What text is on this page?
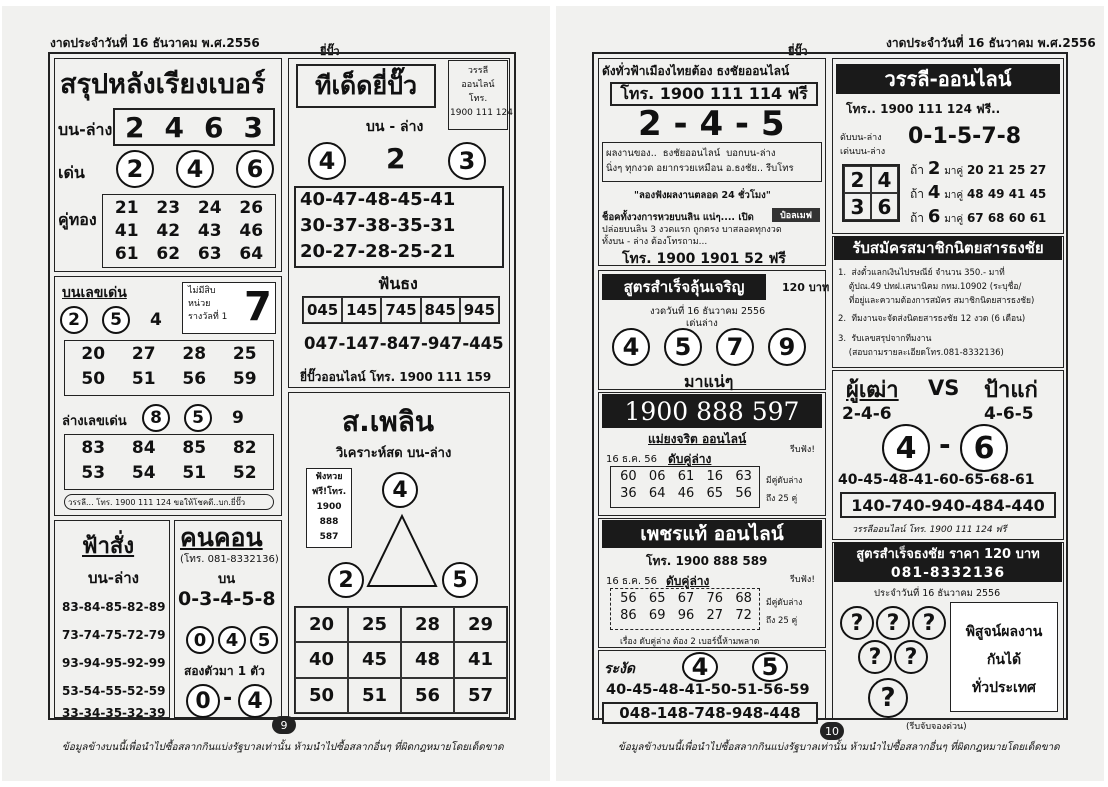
งาดประจำวันที่ 16 ธันวาคม พ.ศ.2556
ยี่ปั๊ว
สรุปหลังเรียงเบอร์
บน-ล่าง 2 4 6 3
เด่น	2	4	6
คู่ทอง
21	23	24	26
41	42	43	46
61	62	63	64
บนเลขเด่น
2	5	4
ไม่มีสิบ
หน่วย
รางวัลที่ 1 7
20	27	28	25
50	51	56	59
ล่างเลขเด่น	8	5	9
83	84	85	82
53	54	51	52
วรรลี... โทร. 1900 111 124 ขอให้โชคดี..บก.ยี่ปั๊ว
ฟ้าสั่ง
บน-ล่าง
83-84-85-82-89
73-74-75-72-79
93-94-95-92-99
53-54-55-52-59
33-34-35-32-39
คนคอน
(โทร. 081-8332136)
บน
0-3-4-5-8
0	4	5
สองตัวมา 1 ตัว
0 - 4
ทีเด็ดยี่ปั๊ว	วรรลี
ออนไลน์
โทร.
1900 111 124
บน - ล่าง
4	2	3
40-47-48-45-41
30-37-38-35-31
20-27-28-25-21
ฟันธง
045 145 745 845 945
047-147-847-947-445
ยี่ปั๊วออนไลน์ โทร. 1900 111 159
ส.เพลิน
วิเคราะห์สด บน-ล่าง
ฟังหวย
ฟรี!โทร.
1900
888
587
4
2	5
20	25	28	29
40	45	48	41
50	51	56	57
9
ข้อมูลข้างบนนี้เพื่อนำไปซื้อสลากกินแบ่งรัฐบาลเท่านั้น ห้ามนำไปซื้อสลากอื่นๆ ที่ผิดกฎหมายโดยเด็ดขาด
งาดประจำวันที่ 16 ธันวาคม พ.ศ.2556
ยี่ปั๊ว
ดังทั่วฟ้าเมืองไทยต้อง ธงชัยออนไลน์
โทร. 1900 111 114 ฟรี
2 - 4 - 5
ผลงานของ..  ธงชัยออนไลน์  บอกบน-ล่าง
นิ่งๆ ทุกงวด อยากรวยเหมือน อ.ธงชัย.. รีบโทร
"ลองฟังผลงานตลอด 24 ชั่วโมง"
ช็อคทั้งวงการหวยบนลิน แน่ๆ.... เปิด	ป๋อลเมฟ
ปล่อยบนลิน 3 งวดแรก ถูกตรง บาสลอดทุกงวด
ทั้งบน - ล่าง ต้องโทรถาม...
โทร. 1900 1901 52 ฟรี
สูตรสำเร็จลุ้นเจริญ	120 บาท
งวดวันที่ 16 ธันวาคม 2556
เด่นล่าง
4	5	7	9
มาแน่ๆ
1900 888 597
แม่ยงจริต ออนไลน์
รีบฟัง!
16 ธ.ค. 56 ดับคู่ล่าง
60 06 61 16 63
36 64 46 65 56
มีคู่ดับล่าง
ถึง 25 คู่
เพชรแท้ ออนไลน์
โทร. 1900 888 589
16 ธ.ค. 56 ดับคู่ล่าง	รีบฟัง!
56 65 67 76 68
86 69 96 27 72
มีคู่ดับล่าง
ถึง 25 คู่
เรื่อง ดับคู่ล่าง ต้อง 2 เบอร์นี้ห้ามพลาด
ระงัด	4	5
40-45-48-41-50-51-56-59
048-148-748-948-448
วรรลี-ออนไลน์
โทร.. 1900 111 124 ฟรี..
ดับบน-ล่าง
เด่นบน-ล่าง
0-1-5-7-8
2 4
3 6
ถ้า 2 มาคู่ 20 21 25 27
ถ้า 4 มาคู่ 48 49 41 45
ถ้า 6 มาคู่ 67 68 60 61
รับสมัครสมาชิกนิตยสารธงชัย
1.  ส่งตั๋วแลกเงินไปรษณีย์ จำนวน 350.- มาที่
ตู้ปณ.49 ปทฝ.เสนานิคม กทม.10902 (ระบุชื่อ/
ที่อยู่และความต้องการสมัคร สมาชิกนิตยสารธงชัย)
2.  ทีมงานจะจัดส่งนิตยสารธงชัย 12 งวด (6 เดือน)
3.  รับเลขสรุปจากทีมงาน
(สอบถามรายละเอียดโทร.081-8332136)
ผู้เฒ่า VS ป้าแก่
2-4-6	4-6-5
4 - 6
40-45-48-41-60-65-68-61
140-740-940-484-440
วรรลีออนไลน์ โทร. 1900 111 124 ฟรี
สูตรสำเร็จธงชัย ราคา 120 บาท
081-8332136
ประจำวันที่ 16 ธันวาคม 2556
?	?	?
?	?
?
พิสูจน์ผลงาน
กันได้
ทั่วประเทศ
(รีบจับจองด่วน)
10
ข้อมูลข้างบนนี้เพื่อนำไปซื้อสลากกินแบ่งรัฐบาลเท่านั้น ห้ามนำไปซื้อสลากอื่นๆ ที่ผิดกฎหมายโดยเด็ดขาด
